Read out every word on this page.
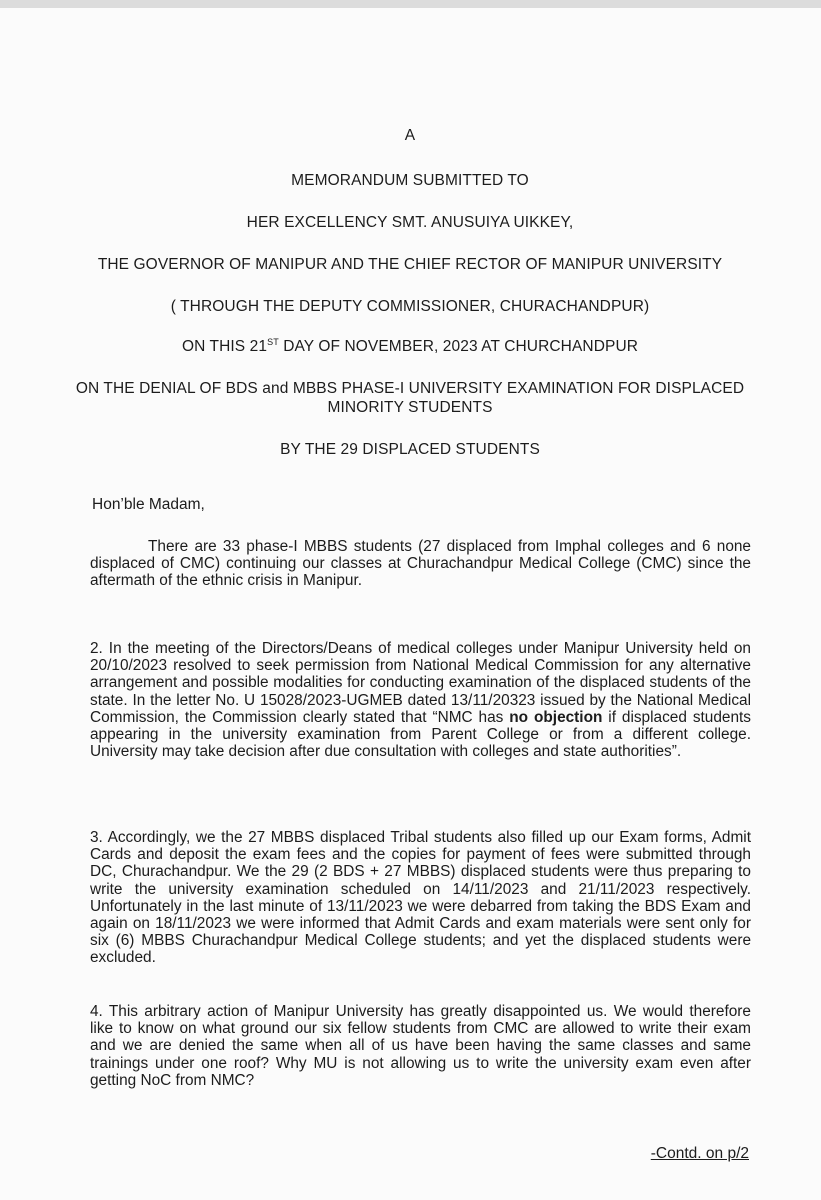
A
MEMORANDUM SUBMITTED TO
HER EXCELLENCY SMT. ANUSUIYA UIKKEY,
THE GOVERNOR OF MANIPUR AND THE CHIEF RECTOR OF MANIPUR UNIVERSITY
( THROUGH THE DEPUTY COMMISSIONER, CHURACHANDPUR)
ON THIS 21ST DAY OF NOVEMBER, 2023 AT CHURCHANDPUR
ON THE DENIAL OF BDS and MBBS PHASE-I UNIVERSITY EXAMINATION FOR DISPLACED
MINORITY STUDENTS
BY THE 29 DISPLACED STUDENTS
Hon’ble Madam,

There are 33 phase-I MBBS students (27 displaced from Imphal colleges and 6 none displaced of CMC) continuing our classes at Churachandpur Medical College (CMC) since the aftermath of the ethnic crisis in Manipur.

2. In the meeting of the Directors/Deans of medical colleges under Manipur University held on 20/10/2023 resolved to seek permission from National Medical Commission for any alternative arrangement and possible modalities for conducting examination of the displaced students of the state. In the letter No. U 15028/2023-UGMEB dated 13/11/20323 issued by the National Medical Commission, the Commission clearly stated that “NMC has no objection if displaced students appearing in the university examination from Parent College or from a different college. University may take decision after due consultation with colleges and state authorities”.

3. Accordingly, we the 27 MBBS displaced Tribal students also filled up our Exam forms, Admit Cards and deposit the exam fees and the copies for payment of fees were submitted through DC, Churachandpur. We the 29 (2 BDS + 27 MBBS) displaced students were thus preparing to write the university examination scheduled on 14/11/2023 and 21/11/2023 respectively. Unfortunately in the last minute of 13/11/2023 we were debarred from taking the BDS Exam and again on 18/11/2023 we were informed that Admit Cards and exam materials were sent only for six (6) MBBS Churachandpur Medical College students; and yet the displaced students were excluded.

4. This arbitrary action of Manipur University has greatly disappointed us. We would therefore like to know on what ground our six fellow students from CMC are allowed to write their exam and we are denied the same when all of us have been having the same classes and same trainings under one roof? Why MU is not allowing us to write the university exam even after getting NoC from NMC?

-Contd. on p/2
